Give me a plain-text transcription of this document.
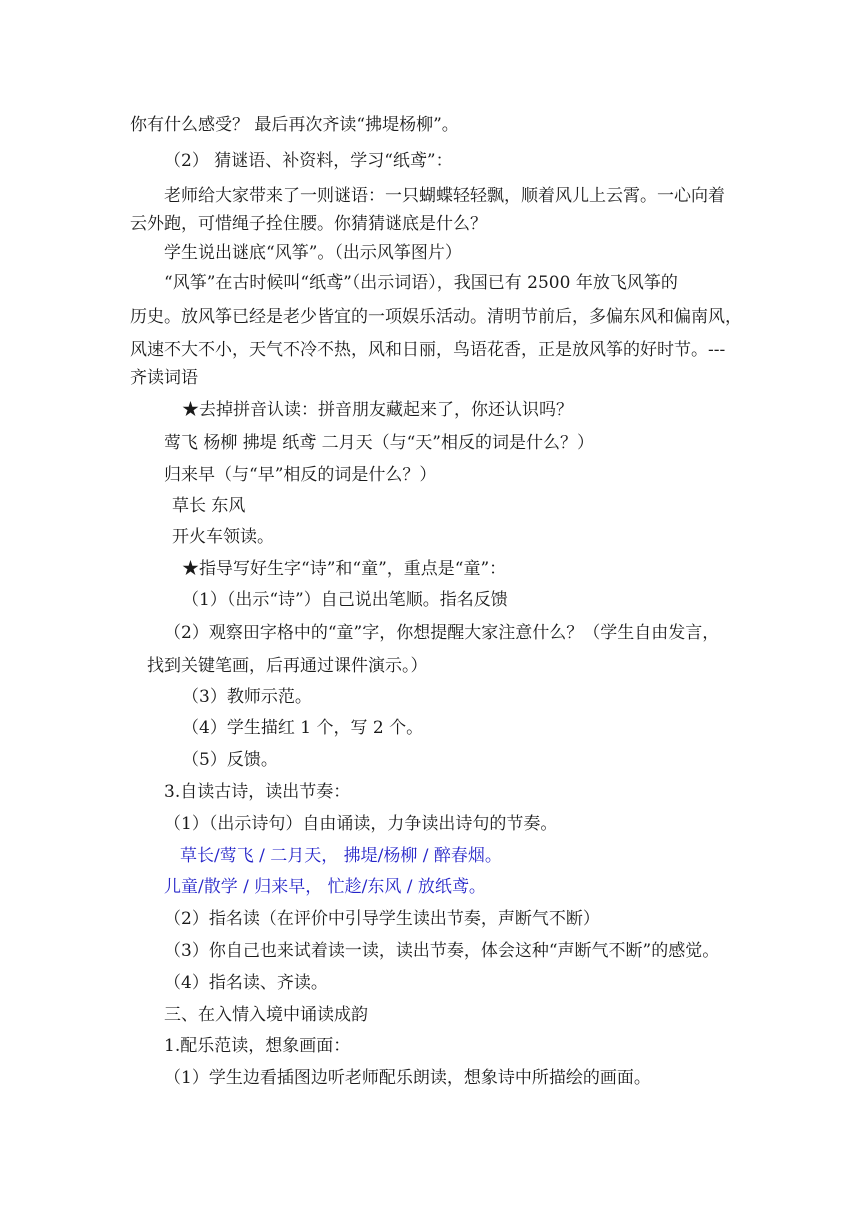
你有什么感受？ 最后再次齐读“拂堤杨柳”。
（2） 猜谜语、补资料，学习“纸鸢”：
老师给大家带来了一则谜语：一只蝴蝶轻轻飘，顺着风儿上云霄。一心向着
云外跑，可惜绳子拴住腰。你猜猜谜底是什么？
学生说出谜底“风筝”。（出示风筝图片）
“风筝”在古时候叫“纸鸢”（出示词语），我国已有 2500 年放飞风筝的
历史。放风筝已经是老少皆宜的一项娱乐活动。清明节前后，多偏东风和偏南风，
风速不大不小，天气不冷不热，风和日丽，鸟语花香，正是放风筝的好时节。---
齐读词语
★去掉拼音认读：拼音朋友藏起来了，你还认识吗？
莺飞 杨柳 拂堤 纸鸢 二月天（与“天”相反的词是什么？）
归来早（与“早”相反的词是什么？）
草长 东风
开火车领读。
★指导写好生字“诗”和“童”，重点是“童”：
（1）（出示“诗”）自己说出笔顺。指名反馈
（2）观察田字格中的“童”字，你想提醒大家注意什么？（学生自由发言，
找到关键笔画，后再通过课件演示。）
（3）教师示范。
（4）学生描红 1 个，写 2 个。
（5）反馈。
3.自读古诗，读出节奏：
（1）（出示诗句）自由诵读，力争读出诗句的节奏。
草长/莺飞 / 二月天， 拂堤/杨柳 / 醉春烟。
儿童/散学 / 归来早， 忙趁/东风 / 放纸鸢。
（2）指名读（在评价中引导学生读出节奏，声断气不断）
（3）你自己也来试着读一读，读出节奏，体会这种“声断气不断”的感觉。
（4）指名读、齐读。
三、在入情入境中诵读成韵
1.配乐范读，想象画面：
（1）学生边看插图边听老师配乐朗读，想象诗中所描绘的画面。
